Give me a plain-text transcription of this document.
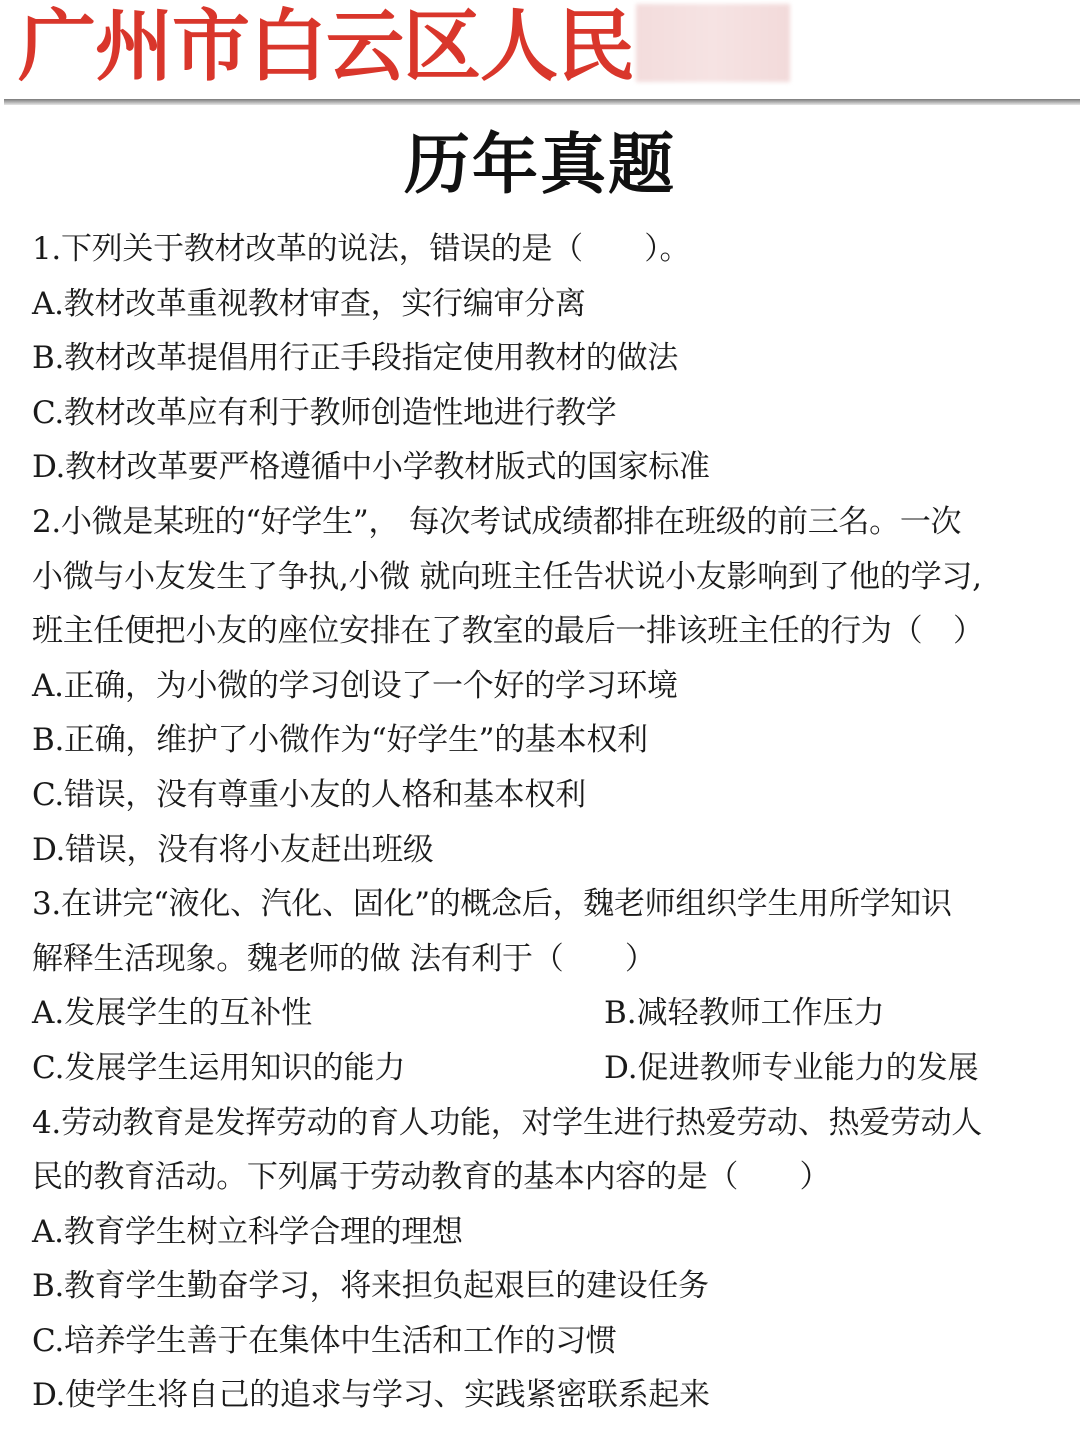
广州市白云区人民
历年真题
1.下列关于教材改革的说法，错误的是（　　）。
A.教材改革重视教材审查，实行编审分离
B.教材改革提倡用行正手段指定使用教材的做法
C.教材改革应有利于教师创造性地进行教学
D.教材改革要严格遵循中小学教材版式的国家标准
2.小微是某班的“好学生”， 每次考试成绩都排在班级的前三名。一次
小微与小友发生了争执,小微 就向班主任告状说小友影响到了他的学习,
班主任便把小友的座位安排在了教室的最后一排该班主任的行为（　）
A.正确，为小微的学习创设了一个好的学习环境
B.正确，维护了小微作为“好学生”的基本权利
C.错误，没有尊重小友的人格和基本权利
D.错误，没有将小友赶出班级
3.在讲完“液化、汽化、固化”的概念后，魏老师组织学生用所学知识
解释生活现象。魏老师的做 法有利于（　　）
A.发展学生的互补性	B.减轻教师工作压力
C.发展学生运用知识的能力	D.促进教师专业能力的发展
4.劳动教育是发挥劳动的育人功能，对学生进行热爱劳动、热爱劳动人
民的教育活动。下列属于劳动教育的基本内容的是（　　）
A.教育学生树立科学合理的理想
B.教育学生勤奋学习，将来担负起艰巨的建设任务
C.培养学生善于在集体中生活和工作的习惯
D.使学生将自己的追求与学习、实践紧密联系起来
